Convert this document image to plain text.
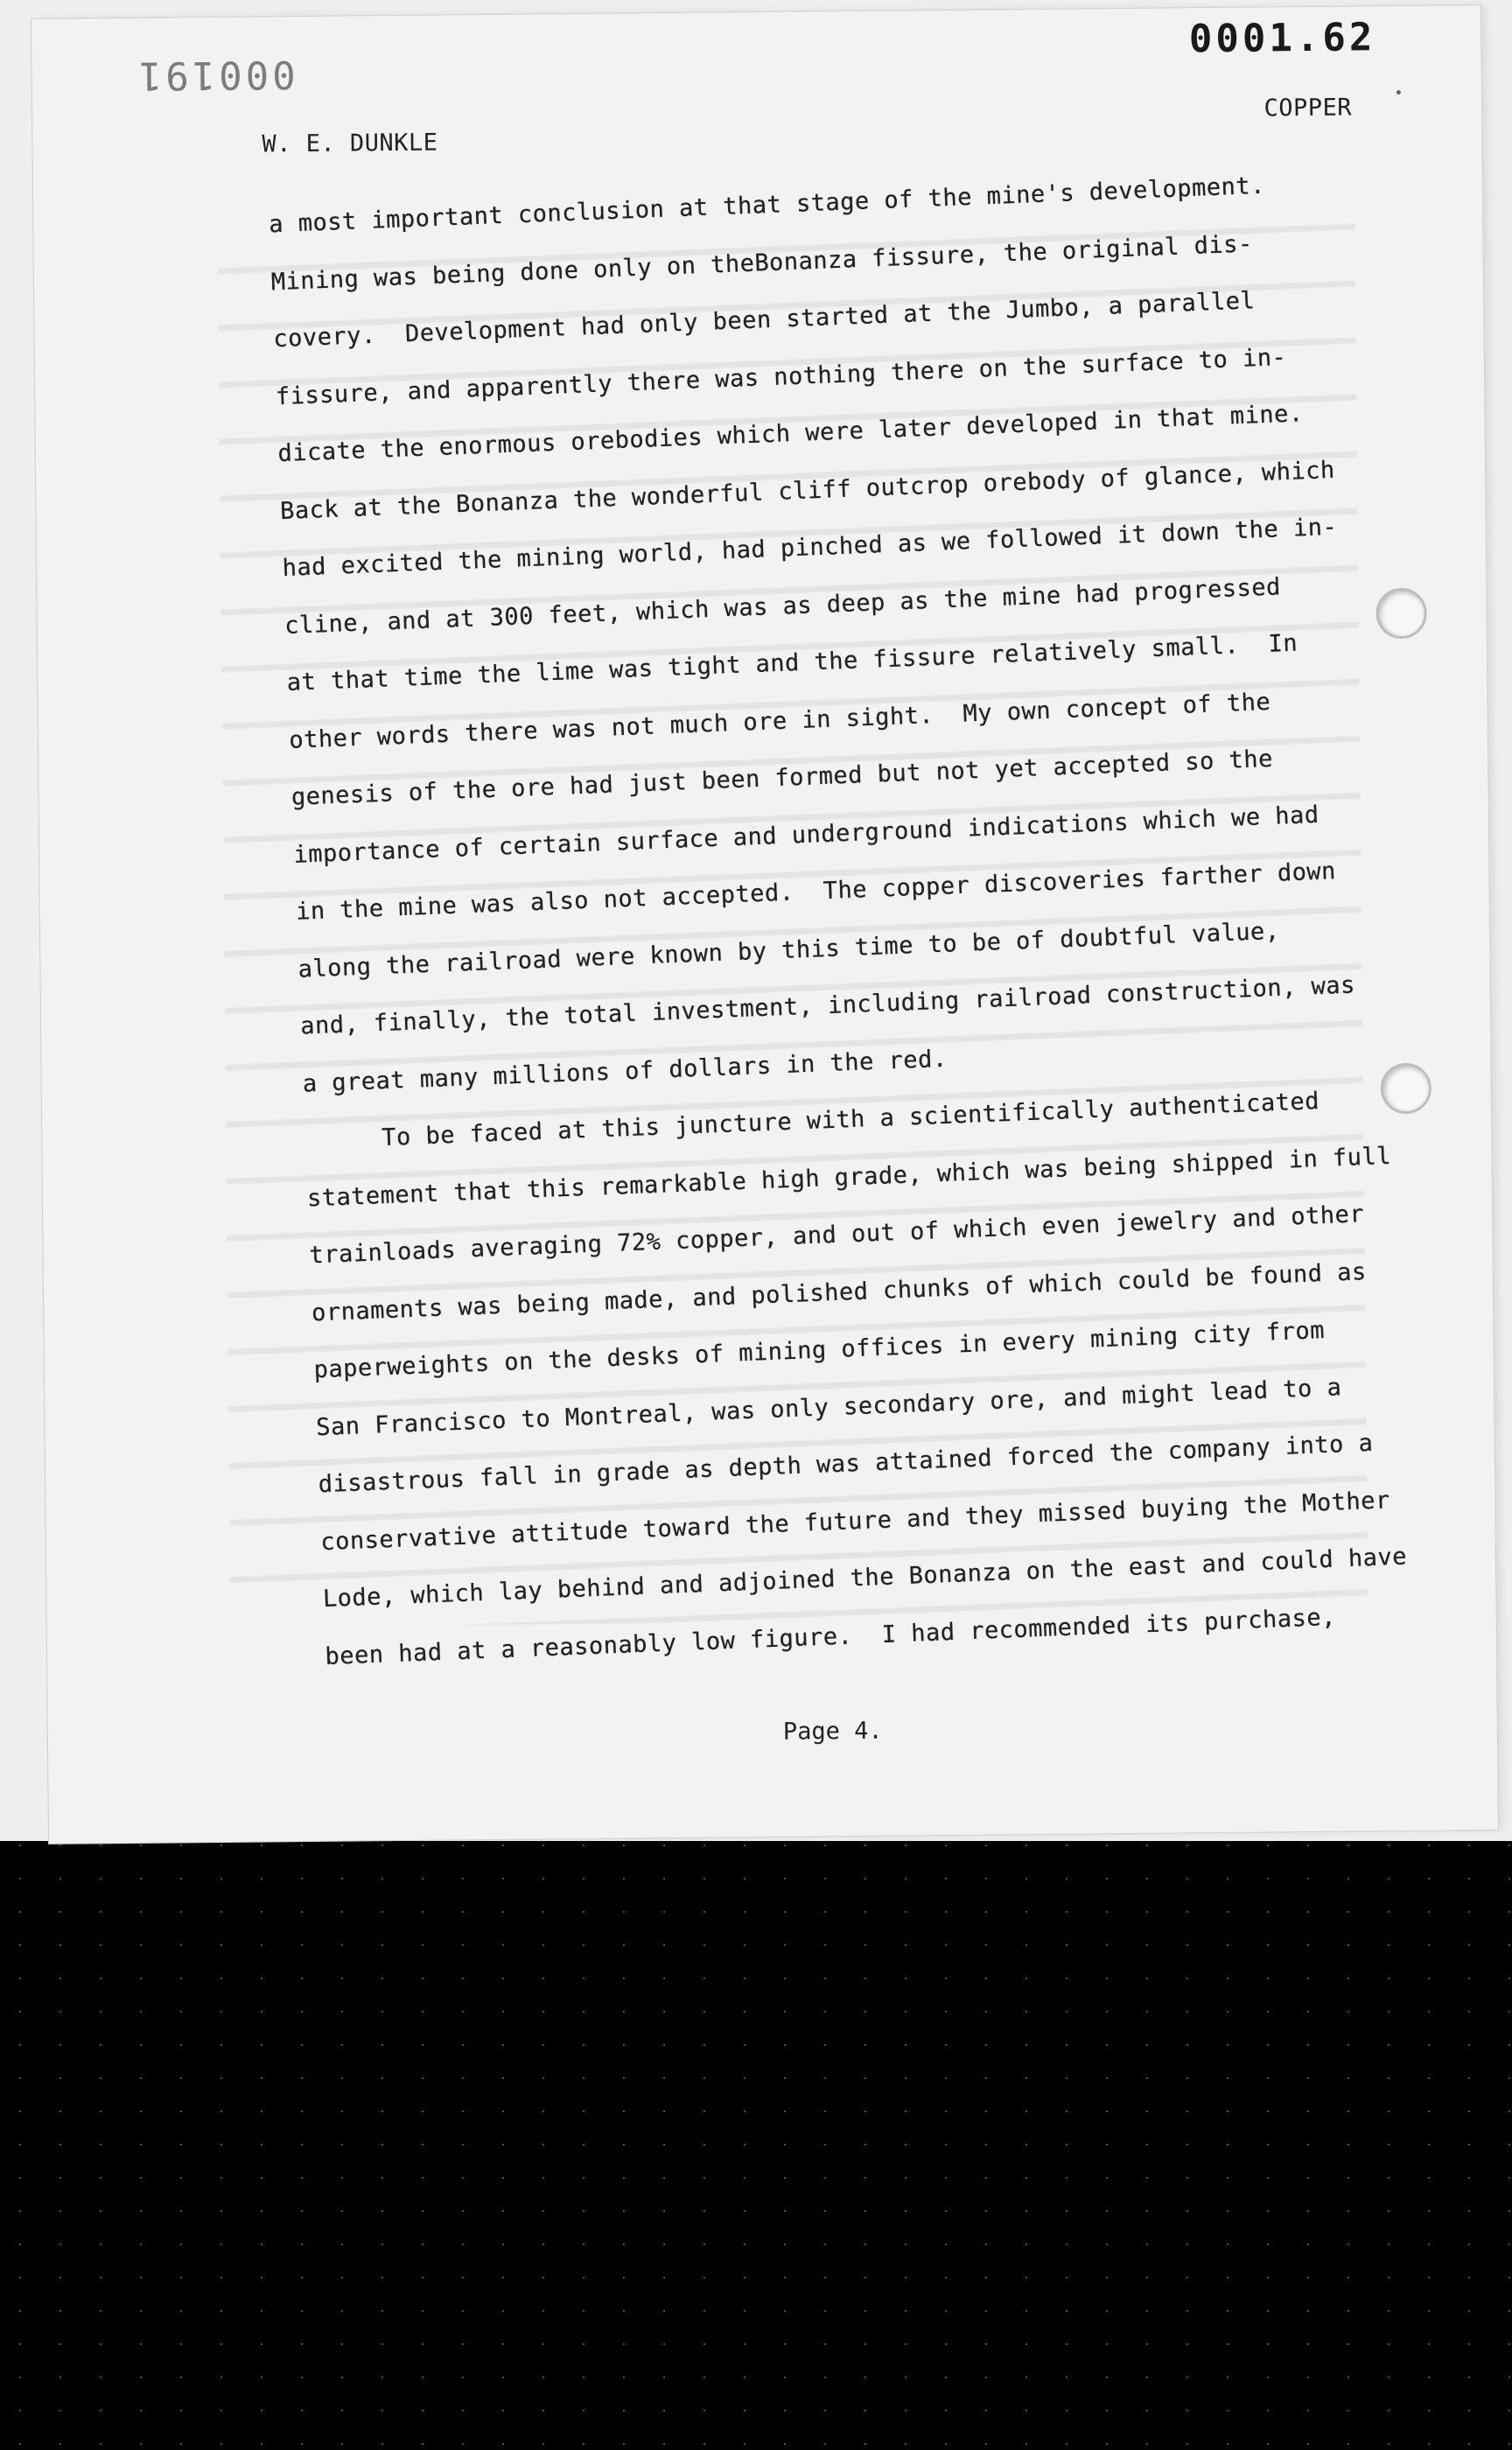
000191
0001.62
W. E. DUNKLE
COPPER
a most important conclusion at that stage of the mine's development.
Mining was being done only on theBonanza fissure, the original dis-
covery.  Development had only been started at the Jumbo, a parallel
fissure, and apparently there was nothing there on the surface to in-
dicate the enormous orebodies which were later developed in that mine.
Back at the Bonanza the wonderful cliff outcrop orebody of glance, which
had excited the mining world, had pinched as we followed it down the in-
cline, and at 300 feet, which was as deep as the mine had progressed
at that time the lime was tight and the fissure relatively small.  In
other words there was not much ore in sight.  My own concept of the
genesis of the ore had just been formed but not yet accepted so the
importance of certain surface and underground indications which we had
in the mine was also not accepted.  The copper discoveries farther down
along the railroad were known by this time to be of doubtful value,
and, finally, the total investment, including railroad construction, was
a great many millions of dollars in the red.
To be faced at this juncture with a scientifically authenticated
statement that this remarkable high grade, which was being shipped in full
trainloads averaging 72% copper, and out of which even jewelry and other
ornaments was being made, and polished chunks of which could be found as
paperweights on the desks of mining offices in every mining city from
San Francisco to Montreal, was only secondary ore, and might lead to a
disastrous fall in grade as depth was attained forced the company into a
conservative attitude toward the future and they missed buying the Mother
Lode, which lay behind and adjoined the Bonanza on the east and could have
been had at a reasonably low figure.  I had recommended its purchase,
Page 4.
